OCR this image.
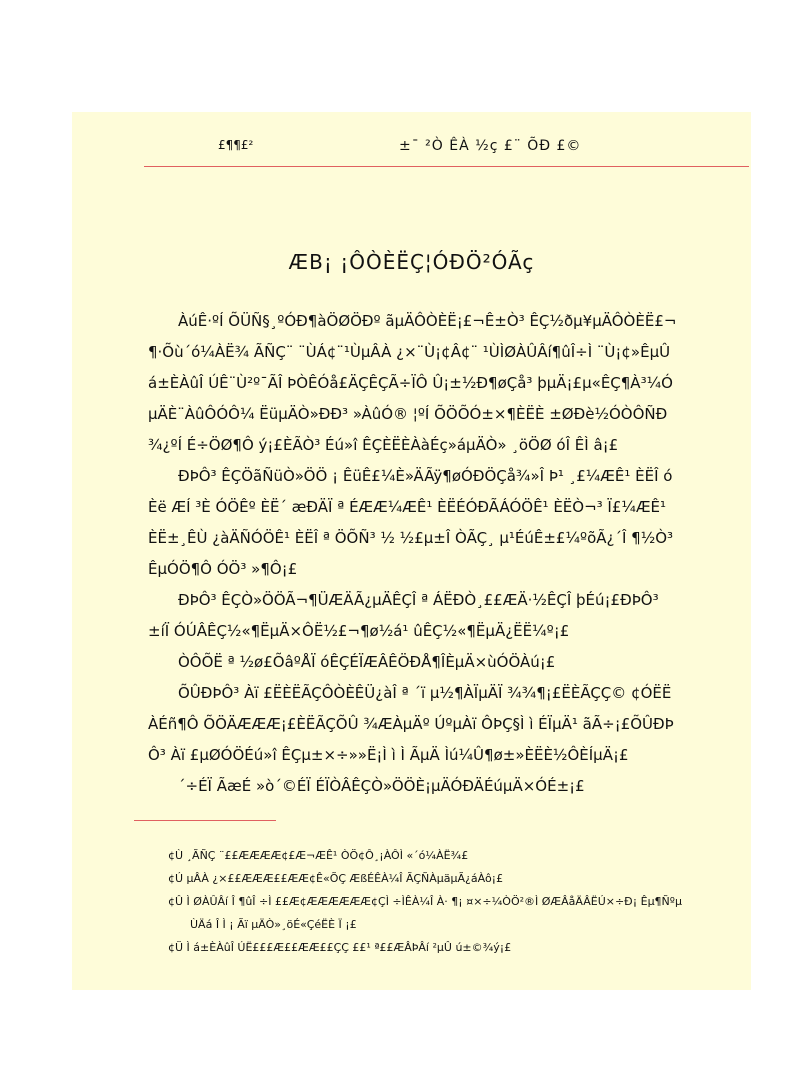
£¶¶£²	±¯ ²Ò ÊÀ ½ç £¨ ÕÐ £©
ÆB¡ ¡ÔÒÈËÇ¦ÓÐÖ²ÓÃç

ÀúÊ·ºÍ ÕÜÑ§¸ºÓÐ¶àÖØÖÐº ãµÄÔÒÈË¡£¬Ê±Ò³ ÊÇ½ðµ¥µÄÔÒÈË£¬¶·Õù´ó¼ÀË¾ ÃÑÇ¨ ¨ÙÁ¢¨¹ÙµÂÀ ¿×¨Ù¡¢Â¢¨ ¹ÙÌØÀÛÂí¶ûÎ÷Ì ¨Ù¡¢»ÊµÛ á±ÈÀûÎ ÚÊ¨Ù²º¯ÃÎ ÞÒÊÓå£ÄÇÊÇÃ÷ÏÔ Û¡±½Ð¶øÇå³ þµÄ¡£µ«ÊÇ¶À³¼ÓµÄÈ¨ÀûÔÓÔ¼ ËüµÄÒ»ÐÐ³ »ÀûÓ® ¦ºÍ ÕÖÕÓ±×¶ÈËÈ ±ØÐè½ÓÒÔÑÐ¾¿ºÍ É÷ÖØ¶Ô ý¡£ÈÃÒ³ Éú»î ÊÇÈËÈÀàÉç»áµÄÒ» ¸öÖØ óÎ ÊÌ â¡£

ÐÞÔ³ ÊÇÖãÑüÒ»ÖÖ ¡ ÊüÊ£¼È»ÄÃÿ¶øÓÐÖÇå¾»Î Þ¹ ¸£¼ÆÊ¹ ÈËÎ óÈë ÆÍ ³È ÓÖÊº ÈË´ æÐÄÏ ª ÉÆÆ¼ÆÊ¹ ÈËÉÓÐÃÁÓÖÊ¹ ÈËÒ¬³ Ï£¼ÆÊ¹ ÈË±¸ÊÙ ¿àÄÑÓÖÊ¹ ÈËÎ ª ÖÕÑ³ ½ ½£µ±Î ÒÃÇ¸ µ¹ÉúÊ±£¼ºõÃ¿´Î ¶½Ò³ ÊµÓÖ¶Ô ÓÖ³ »¶Ô¡£

ÐÞÔ³ ÊÇÒ»ÖÖÃ¬¶ÜÆÄÃ¿µÄÊÇÎ ª ÁËÐÒ¸££ÆÄ·½ÊÇÎ þÉú¡£ÐÞÔ³ ±íÏ ÓÚÂÊÇ½«¶ËµÄ×ÔË½£¬¶ø½á¹ ûÊÇ½«¶ËµÄ¿ËË¼º¡£

ÒÔÕË ª ½ø£ÕâºÅÏ óÊÇÉÏÆÂÊÖÐÅ¶ÎÈµÄ×ùÓÖÀú¡£

ÕÛÐÞÔ³ Àï £ËÈËÃÇÔÒÈÊÜ¿àÎ ª ´ï µ½¶ÀÏµÄÏ ¾¾¶¡£ËÈÃÇÇ© ¢ÓËËÀÉñ¶Ô ÕÖÄÆÆÆ¡£ÈËÃÇÕÛ ¾ÆÀµÄº ÚºµÀï ÔÞÇ§Ì ì ÉÏµÄ¹ ãÃ÷¡£ÕÛÐÞÔ³ Àï £µØÓÖÉú»î ÊÇµ±×÷»»Ë¡Ì ì Ì ÃµÄ Ìú¼Û¶ø±»ÈËÈ½ÔÈÍµÄ¡£

´÷ÉÏ ÃæÉ »ò´©ÉÏ ÉÏÒÂÊÇÒ»ÖÖÈ¡µÄÓÐÄÉúµÄ×ÓÉ±¡£

¢Ù ¸ÃÑÇ ¨££ÆÆÆÆ¢£Æ¬ÆÊ¹ ÒÖ¢Ô¸¡ÀÔÌ «´ó¼ÀË¾£

¢Ú µÂÀ ¿×££ÆÆÆ££ÆÆ¢Ê«ÕÇ ÆßÉÊÀ¼Î ÃÇÑÀµäµÃ¿áÀô¡£

¢Û Ì ØÀÛÂí Î ¶ûÎ ÷Ì ££Æ¢ÆÆÆÆÆÆ¢ÇÌ ÷ÌÊÀ¼Î À· ¶¡ ¤×÷¼ÒÖ²®Ì ØÆÂåÄÂËÚ×÷Ð¡ Êµ¶ÑºµÙÄá Î Ì ¡ Ãï µÄÒ»¸öÉ«ÇéËÈ Ï ¡£

¢Ü Ì á±ÈÀûÎ ÚË£££Æ££ÆÆ££ÇÇ ££¹ ª££ÆÂÞÂí ²µÛ ú±©¾ý¡£
